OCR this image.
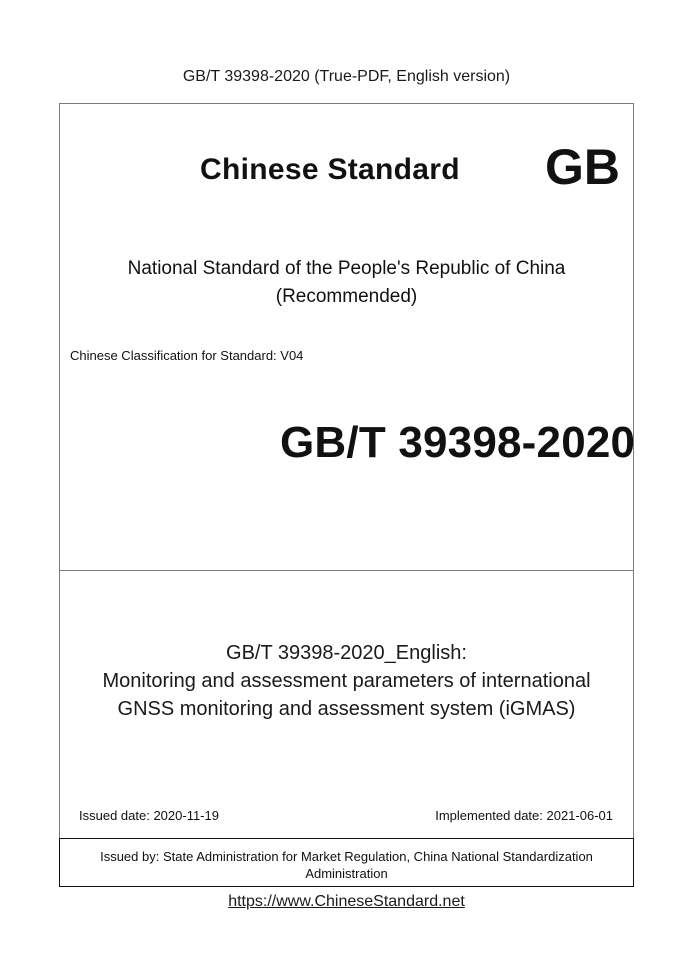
GB/T 39398-2020 (True-PDF, English version)
Chinese Standard GB
National Standard of the People's Republic of China
(Recommended)
Chinese Classification for Standard: V04
GB/T 39398-2020
GB/T 39398-2020_English:
Monitoring and assessment parameters of international
GNSS monitoring and assessment system (iGMAS)
Issued date: 2020-11-19	Implemented date: 2021-06-01
Issued by: State Administration for Market Regulation, China National Standardization
Administration
https://www.ChineseStandard.net
